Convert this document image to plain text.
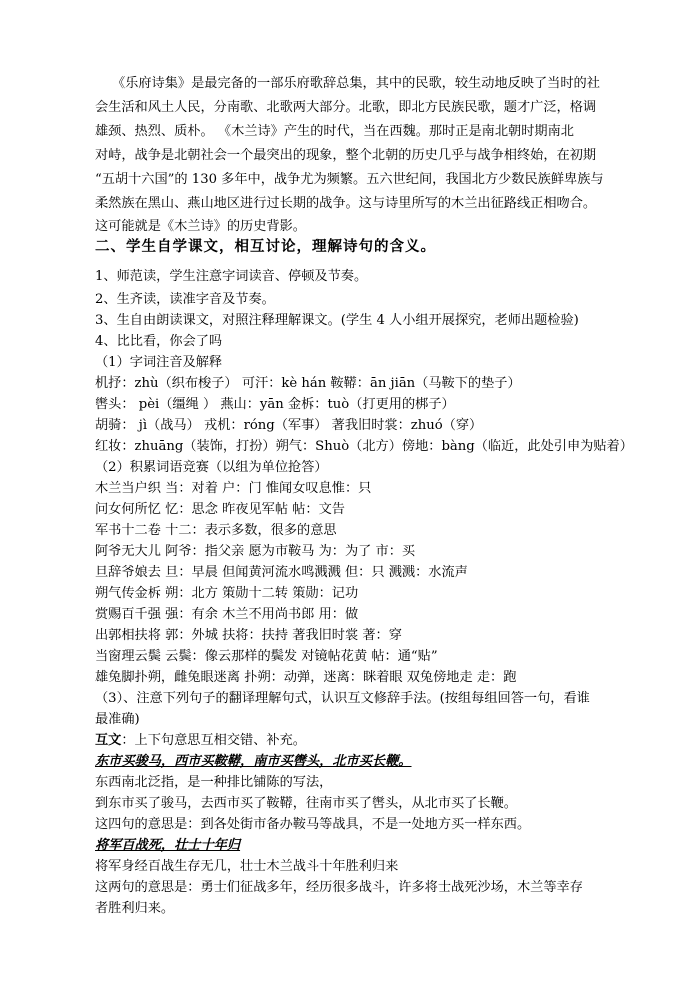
《乐府诗集》是最完备的一部乐府歌辞总集，其中的民歌，较生动地反映了当时的社
会生活和风土人民，分南歌、北歌两大部分。北歌，即北方民族民歌，题才广泛，格调
雄颈、热烈、质朴。 《木兰诗》产生的时代，当在西魏。那时正是南北朝时期南北
对峙，战争是北朝社会一个最突出的现象，整个北朝的历史几乎与战争相终始，在初期
“五胡十六国”的 130 多年中，战争尤为频繁。五六世纪间，我国北方少数民族鲜卑族与
柔然族在黑山、燕山地区进行过长期的战争。这与诗里所写的木兰出征路线正相吻合。
这可能就是《木兰诗》的历史背影。
二、学生自学课文，相互讨论，理解诗句的含义。
1、师范读，学生注意字词读音、停顿及节奏。
2、生齐读，读准字音及节奏。
3、生自由朗读课文，对照注释理解课文。(学生 4 人小组开展探究，老师出题检验)
4、比比看，你会了吗
（1）字词注音及解释
机抒：zhù（织布梭子） 可汗：kè hán 鞍鞯：ān jiān（马鞍下的垫子）
辔头： pèi（缰绳 ） 燕山：yān 金柝：tuò（打更用的梆子）
胡骑： jì（战马） 戎机：róng（军事） 著我旧时裳：zhuó（穿）
红妆：zhuāng（装饰，打扮）朔气：Shuò（北方）傍地：bàng（临近，此处引申为贴着）
（2）积累词语竞赛（以组为单位抢答）
木兰当户织 当：对着 户：门 惟闻女叹息惟：只
问女何所忆 忆：思念 昨夜见军帖 帖：文告
军书十二卷 十二：表示多数，很多的意思
阿爷无大儿 阿爷：指父亲 愿为市鞍马 为：为了 市：买
旦辞爷娘去 旦：早晨 但闻黄河流水鸣溅溅 但：只 溅溅：水流声
朔气传金柝 朔：北方 策勋十二转 策勋：记功
赏赐百千强 强：有余 木兰不用尚书郎 用：做
出郭相扶将 郭：外城 扶将：扶持 著我旧时裳 著：穿
当窗理云鬓 云鬓：像云那样的鬓发 对镜帖花黄 帖：通“贴”
雄兔脚扑朔，雌兔眼迷离 扑朔：动弹，迷离：眯着眼 双兔傍地走 走：跑
（3）、注意下列句子的翻译理解句式，认识互文修辞手法。(按组每组回答一句，看谁
最准确)
互文：上下句意思互相交错、补充。
东市买骏马，西市买鞍鞯，南市买辔头，北市买长鞭。
东西南北泛指，是一种排比铺陈的写法，
到东市买了骏马，去西市买了鞍鞯，往南市买了辔头，从北市买了长鞭。
这四句的意思是：到各处街市备办鞍马等战具，不是一处地方买一样东西。
将军百战死，壮士十年归
将军身经百战生存无几，壮士木兰战斗十年胜利归来
这两句的意思是：勇士们征战多年，经历很多战斗，许多将士战死沙场，木兰等幸存
者胜利归来。
